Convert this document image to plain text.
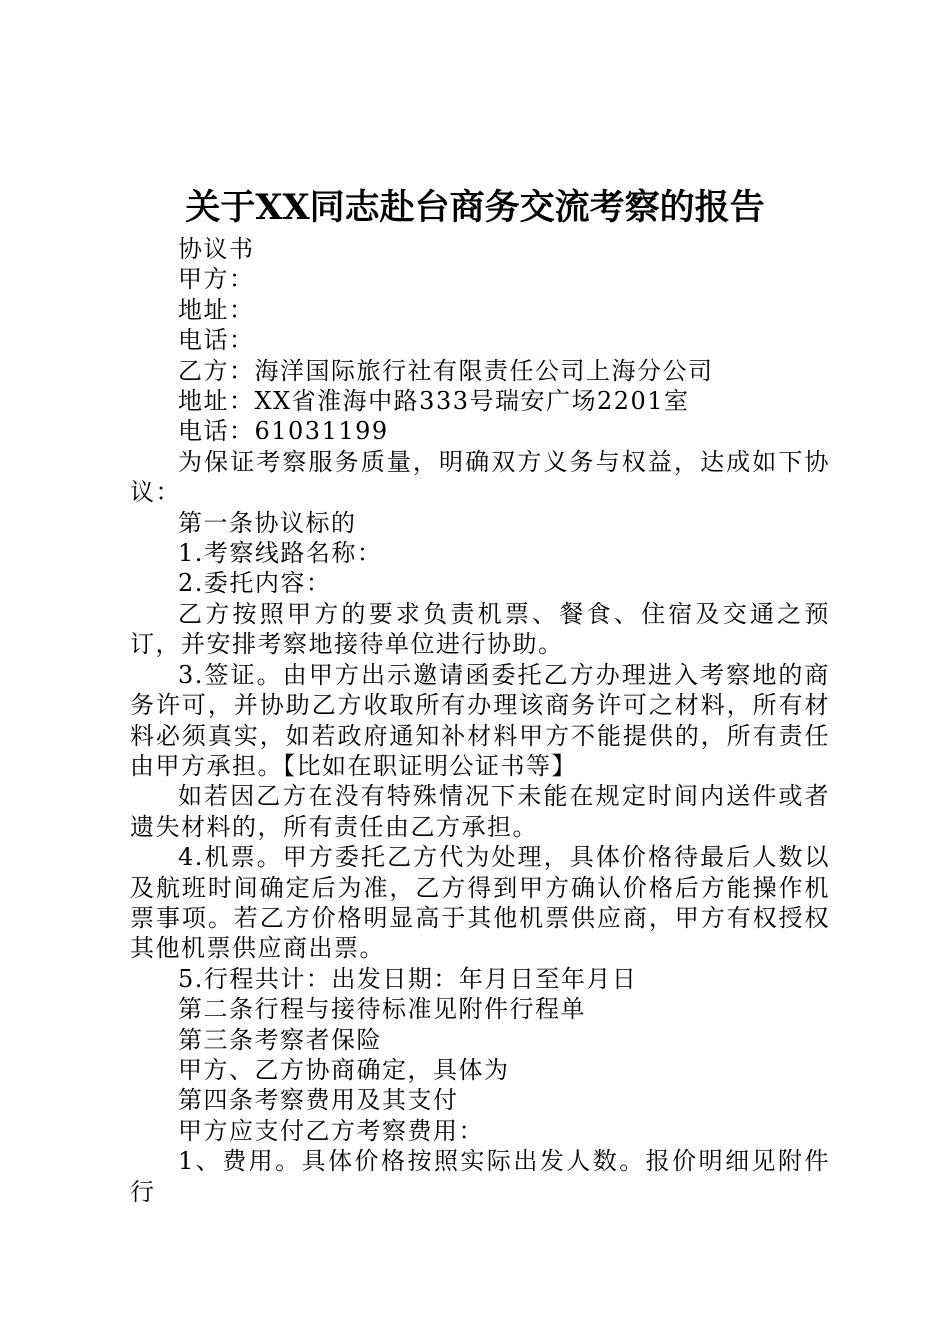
关于XX同志赴台商务交流考察的报告

协议书

甲方：

地址：

电话：

乙方：海洋国际旅行社有限责任公司上海分公司

地址：XX省淮海中路333号瑞安广场2201室

电话：61031199

为保证考察服务质量，明确双方义务与权益，达成如下协议：

第一条协议标的

1.考察线路名称：

2.委托内容：

乙方按照甲方的要求负责机票、餐食、住宿及交通之预订，并安排考察地接待单位进行协助。

3.签证。由甲方出示邀请函委托乙方办理进入考察地的商务许可，并协助乙方收取所有办理该商务许可之材料，所有材料必须真实，如若政府通知补材料甲方不能提供的，所有责任由甲方承担。【比如在职证明公证书等】

如若因乙方在没有特殊情况下未能在规定时间内送件或者遗失材料的，所有责任由乙方承担。

4.机票。甲方委托乙方代为处理，具体价格待最后人数以及航班时间确定后为准，乙方得到甲方确认价格后方能操作机票事项。若乙方价格明显高于其他机票供应商，甲方有权授权其他机票供应商出票。

5.行程共计：出发日期：年月日至年月日

第二条行程与接待标准见附件行程单

第三条考察者保险

甲方、乙方协商确定，具体为

第四条考察费用及其支付

甲方应支付乙方考察费用：

1、费用。具体价格按照实际出发人数。报价明细见附件行
